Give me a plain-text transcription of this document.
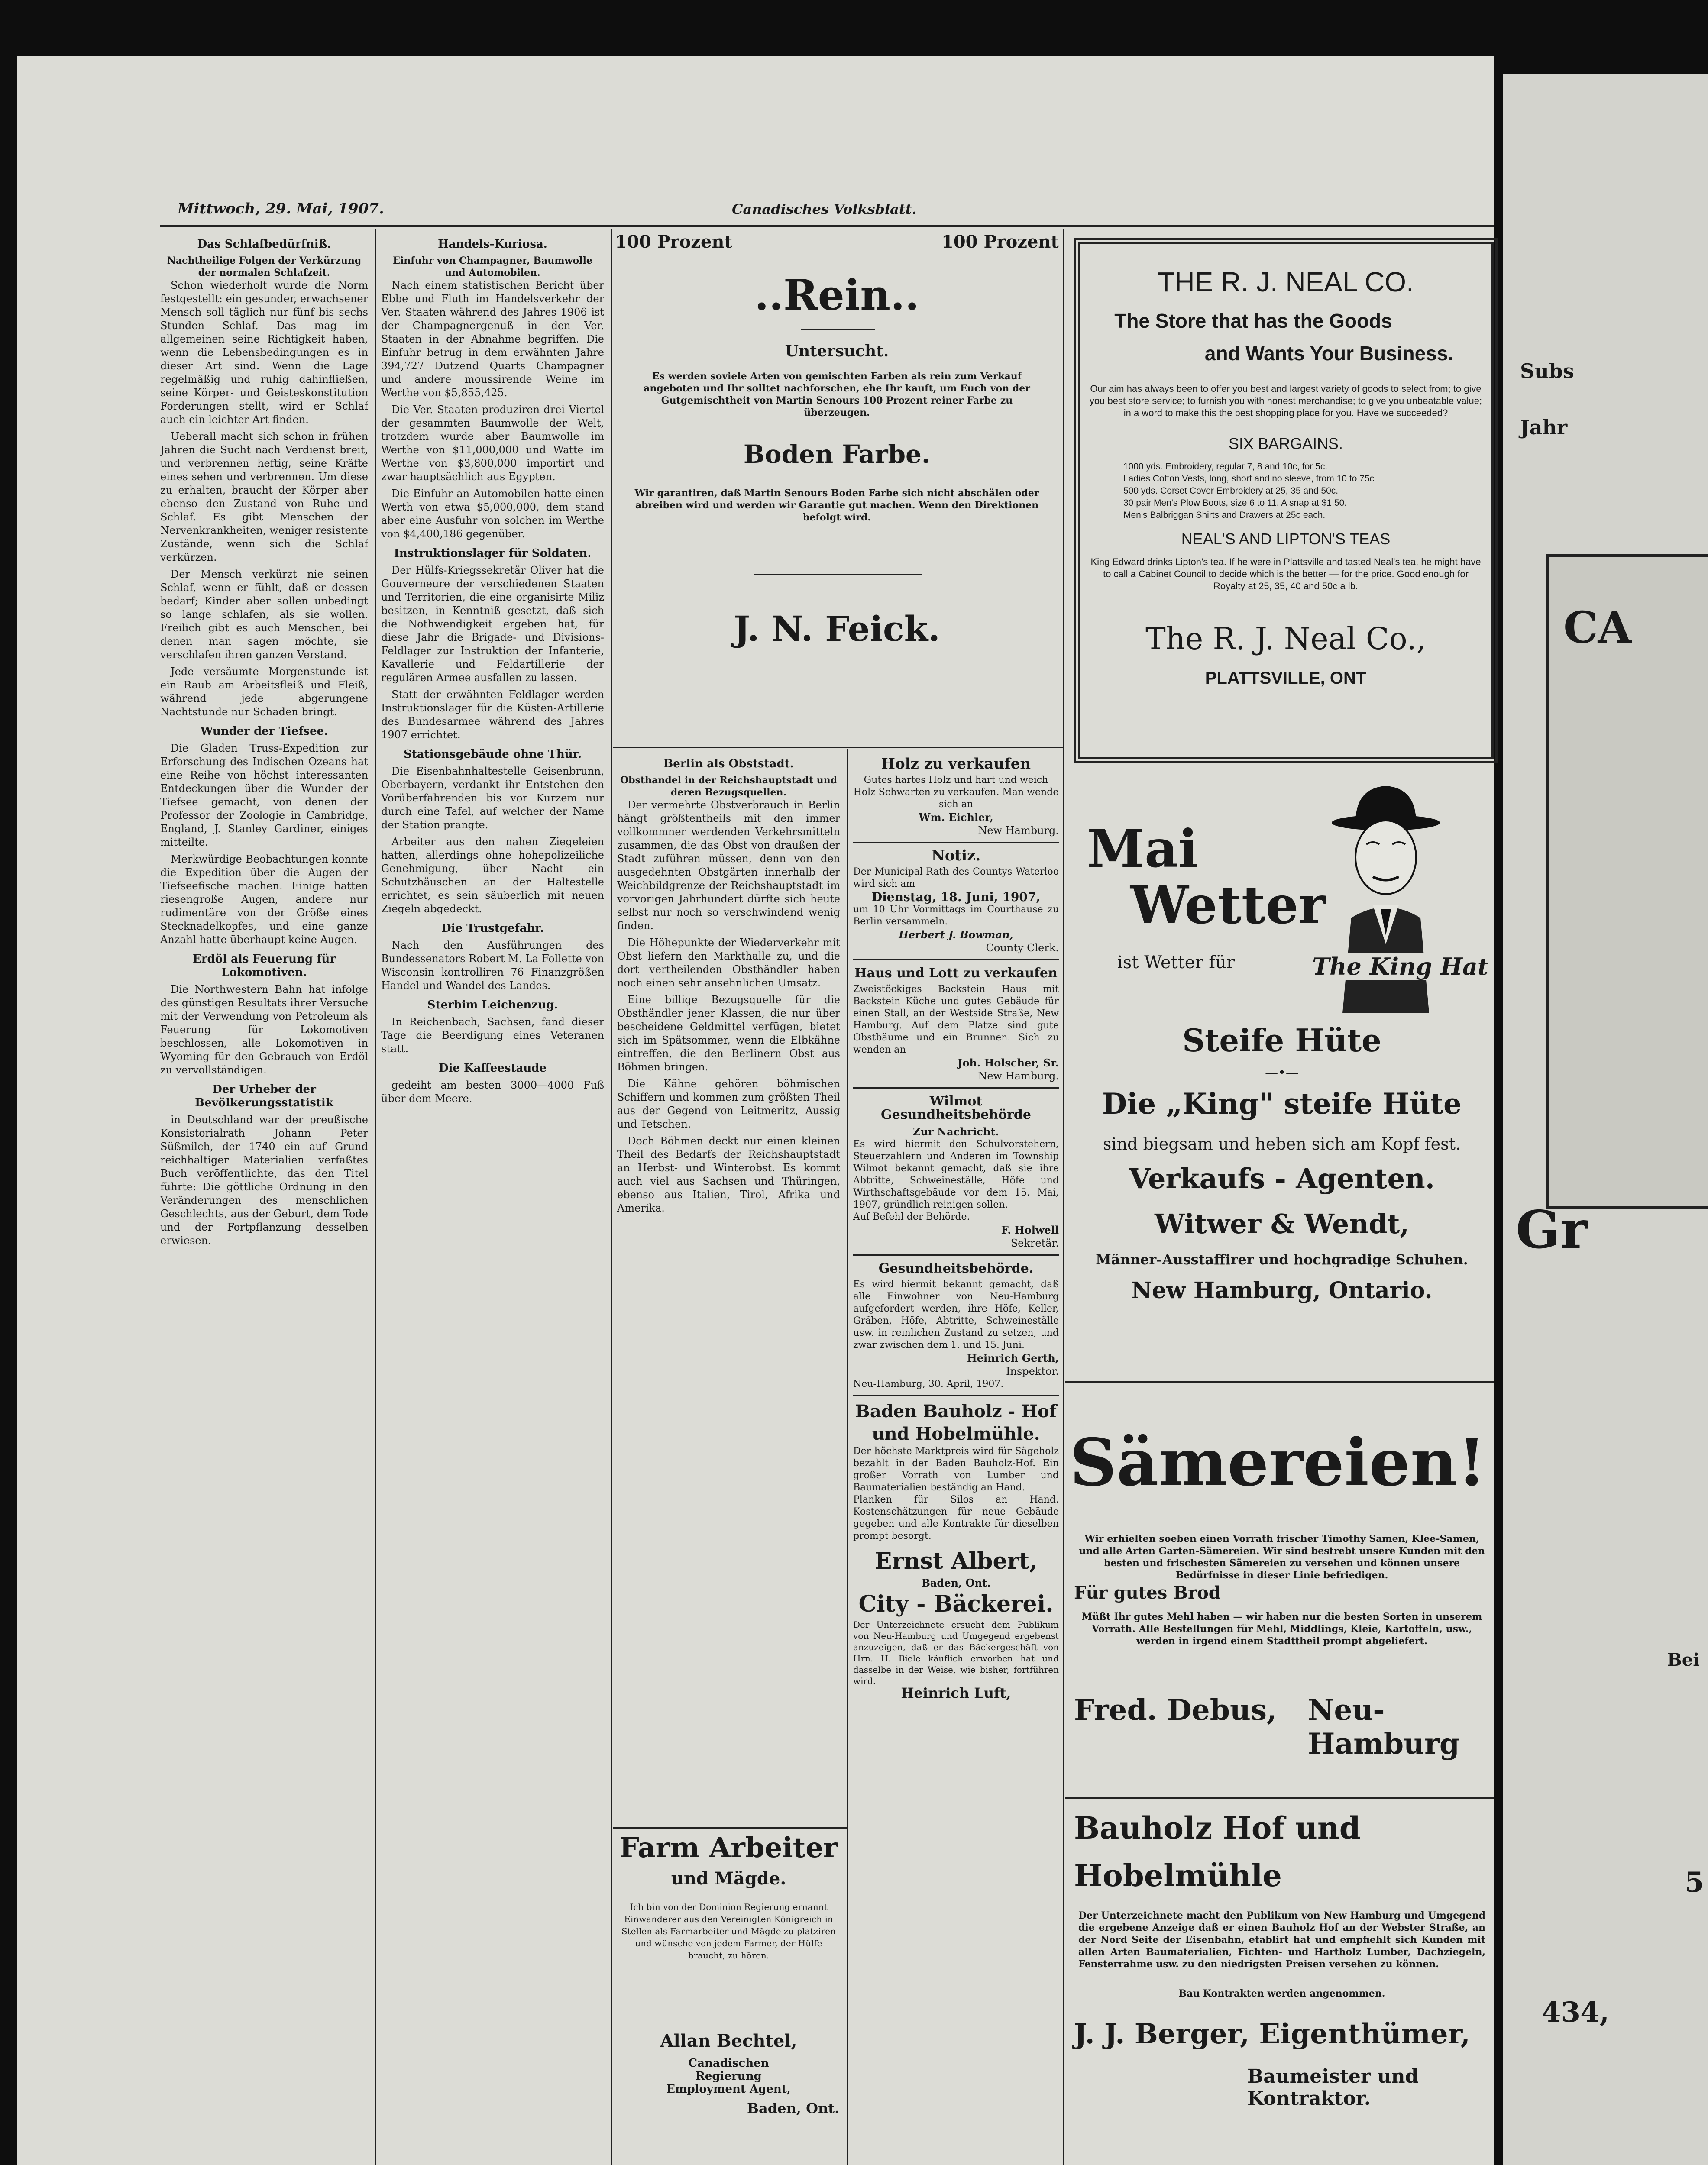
Mittwoch, 29. Mai, 1907.	Canadisches Volksblatt.
Das Schlafbedürfniß.
Nachtheilige Folgen der Verkürzung der normalen Schlafzeit.

Schon wiederholt wurde die Norm festgestellt: ein gesunder, erwachsener Mensch soll täglich nur fünf bis sechs Stunden Schlaf. Das mag im allgemeinen seine Richtigkeit haben, wenn die Lebensbedingungen es in dieser Art sind. Wenn die Lage regelmäßig und ruhig dahinfließen, seine Körper- und Geisteskonstitution Forderungen stellt, wird er Schlaf auch ein leichter Art finden.

Ueberall macht sich schon in frühen Jahren die Sucht nach Verdienst breit, und verbrennen heftig, seine Kräfte eines sehen und verbrennen. Um diese zu erhalten, braucht der Körper aber ebenso den Zustand von Ruhe und Schlaf. Es gibt Menschen der Nervenkrankheiten, weniger resistente Zustände, wenn sich die Schlaf verkürzen.

Der Mensch verkürzt nie seinen Schlaf, wenn er fühlt, daß er dessen bedarf; Kinder aber sollen unbedingt so lange schlafen, als sie wollen. Freilich gibt es auch Menschen, bei denen man sagen möchte, sie verschlafen ihren ganzen Verstand.

Jede versäumte Morgenstunde ist ein Raub am Arbeitsfleiß und Fleiß, während jede abgerungene Nachtstunde nur Schaden bringt.

Wunder der Tiefsee.

Die Gladen Truss-Expedition zur Erforschung des Indischen Ozeans hat eine Reihe von höchst interessanten Entdeckungen über die Wunder der Tiefsee gemacht, von denen der Professor der Zoologie in Cambridge, England, J. Stanley Gardiner, einiges mitteilte.

Merkwürdige Beobachtungen konnte die Expedition über die Augen der Tiefseefische machen. Einige hatten riesengroße Augen, andere nur rudimentäre von der Größe eines Stecknadelkopfes, und eine ganze Anzahl hatte überhaupt keine Augen.

Erdöl als Feuerung für Lokomotiven.

Die Northwestern Bahn hat infolge des günstigen Resultats ihrer Versuche mit der Verwendung von Petroleum als Feuerung für Lokomotiven beschlossen, alle Lokomotiven in Wyoming für den Gebrauch von Erdöl zu vervollständigen.

Der Urheber der Bevölkerungsstatistik

in Deutschland war der preußische Konsistorialrath Johann Peter Süßmilch, der 1740 ein auf Grund reichhaltiger Materialien verfaßtes Buch veröffentlichte, das den Titel führte: Die göttliche Ordnung in den Veränderungen des menschlichen Geschlechts, aus der Geburt, dem Tode und der Fortpflanzung desselben erwiesen.

Handels-Kuriosa.
Einfuhr von Champagner, Baumwolle und Automobilen.

Nach einem statistischen Bericht über Ebbe und Fluth im Handelsverkehr der Ver. Staaten während des Jahres 1906 ist der Champagnergenuß in den Ver. Staaten in der Abnahme begriffen. Die Einfuhr betrug in dem erwähnten Jahre 394,727 Dutzend Quarts Champagner und andere moussirende Weine im Werthe von $5,855,425.

Die Ver. Staaten produziren drei Viertel der gesammten Baumwolle der Welt, trotzdem wurde aber Baumwolle im Werthe von $11,000,000 und Watte im Werthe von $3,800,000 importirt und zwar hauptsächlich aus Egypten.

Die Einfuhr an Automobilen hatte einen Werth von etwa $5,000,000, dem stand aber eine Ausfuhr von solchen im Werthe von $4,400,186 gegenüber.

Instruktionslager für Soldaten.

Der Hülfs-Kriegssekretär Oliver hat die Gouverneure der verschiedenen Staaten und Territorien, die eine organisirte Miliz besitzen, in Kenntniß gesetzt, daß sich die Nothwendigkeit ergeben hat, für diese Jahr die Brigade- und Divisions-Feldlager zur Instruktion der Infanterie, Kavallerie und Feldartillerie der regulären Armee ausfallen zu lassen.

Statt der erwähnten Feldlager werden Instruktionslager für die Küsten-Artillerie des Bundesarmee während des Jahres 1907 errichtet.

Stationsgebäude ohne Thür.

Die Eisenbahnhaltestelle Geisenbrunn, Oberbayern, verdankt ihr Entstehen den Vorüberfahrenden bis vor Kurzem nur durch eine Tafel, auf welcher der Name der Station prangte.

Arbeiter aus den nahen Ziegeleien hatten, allerdings ohne hohepolizeiliche Genehmigung, über Nacht ein Schutzhäuschen an der Haltestelle errichtet, es sein säuberlich mit neuen Ziegeln abgedeckt.

Die Trustgefahr.

Nach den Ausführungen des Bundessenators Robert M. La Follette von Wisconsin kontrolliren 76 Finanzgrößen Handel und Wandel des Landes.

Sterbim Leichenzug.

In Reichenbach, Sachsen, fand dieser Tage die Beerdigung eines Veteranen statt.

Die Kaffeestaude

gedeiht am besten 3000—4000 Fuß über dem Meere.

100 Prozent	100 Prozent
..Rein..
Untersucht.
Es werden soviele Arten von gemischten Farben als rein zum Verkauf angeboten und Ihr solltet nachforschen, ehe Ihr kauft, um Euch von der Gutgemischtheit von Martin Senours 100 Prozent reiner Farbe zu überzeugen.
Boden Farbe.
Wir garantiren, daß Martin Senours Boden Farbe sich nicht abschälen oder abreiben wird und werden wir Garantie gut machen. Wenn den Direktionen befolgt wird.
J. N. Feick.
Berlin als Obststadt.
Obsthandel in der Reichshauptstadt und deren Bezugsquellen.

Der vermehrte Obstverbrauch in Berlin hängt größtentheils mit den immer vollkommner werdenden Verkehrsmitteln zusammen, die das Obst von draußen der Stadt zuführen müssen, denn von den ausgedehnten Obstgärten innerhalb der Weichbildgrenze der Reichshauptstadt im vorvorigen Jahrhundert dürfte sich heute selbst nur noch so verschwindend wenig finden.

Die Höhepunkte der Wiederverkehr mit Obst liefern den Markthalle zu, und die dort vertheilenden Obsthändler haben noch einen sehr ansehnlichen Umsatz.

Eine billige Bezugsquelle für die Obsthändler jener Klassen, die nur über bescheidene Geldmittel verfügen, bietet sich im Spätsommer, wenn die Elbkähne eintreffen, die den Berlinern Obst aus Böhmen bringen.

Die Kähne gehören böhmischen Schiffern und kommen zum größten Theil aus der Gegend von Leitmeritz, Aussig und Tetschen.

Doch Böhmen deckt nur einen kleinen Theil des Bedarfs der Reichshauptstadt an Herbst- und Winterobst. Es kommt auch viel aus Sachsen und Thüringen, ebenso aus Italien, Tirol, Afrika und Amerika.

Farm Arbeiter
und Mägde.
Ich bin von der Dominion Regierung ernannt Einwanderer aus den Vereinigten Königreich in Stellen als Farmarbeiter und Mägde zu platziren und wünsche von jedem Farmer, der Hülfe braucht, zu hören.
Allan Bechtel,
Canadischen Regierung Employment Agent,
Baden, Ont.
Holz zu verkaufen
Gutes hartes Holz und hart und weich Holz Schwarten zu verkaufen. Man wende sich an
Wm. Eichler,
New Hamburg.
Notiz.
Der Municipal-Rath des Countys Waterloo wird sich am
Dienstag, 18. Juni, 1907,
um 10 Uhr Vormittags im Courthause zu Berlin versammeln.
Herbert J. Bowman,
County Clerk.
Haus und Lott zu verkaufen
Zweistöckiges Backstein Haus mit Backstein Küche und gutes Gebäude für einen Stall, an der Westside Straße, New Hamburg. Auf dem Platze sind gute Obstbäume und ein Brunnen. Sich zu wenden an
Joh. Holscher, Sr.
New Hamburg.
Wilmot Gesundheitsbehörde
Zur Nachricht.
Es wird hiermit den Schulvorstehern, Steuerzahlern und Anderen im Township Wilmot bekannt gemacht, daß sie ihre Abtritte, Schweineställe, Höfe und Wirthschaftsgebäude vor dem 15. Mai, 1907, gründlich reinigen sollen.
Auf Befehl der Behörde.
F. Holwell
Sekretär.
Gesundheitsbehörde.
Es wird hiermit bekannt gemacht, daß alle Einwohner von Neu-Hamburg aufgefordert werden, ihre Höfe, Keller, Gräben, Höfe, Abtritte, Schweineställe usw. in reinlichen Zustand zu setzen, und zwar zwischen dem 1. und 15. Juni.
Heinrich Gerth,
Inspektor.
Neu-Hamburg, 30. April, 1907.
Baden Bauholz - Hof
und Hobelmühle.
Der höchste Marktpreis wird für Sägeholz bezahlt in der Baden Bauholz-Hof. Ein großer Vorrath von Lumber und Baumaterialien beständig an Hand.
Planken für Silos an Hand. Kostenschätzungen für neue Gebäude gegeben und alle Kontrakte für dieselben prompt besorgt.
Ernst Albert,
Baden, Ont.
City - Bäckerei.
Der Unterzeichnete ersucht dem Publikum von Neu-Hamburg und Umgegend ergebenst anzuzeigen, daß er das Bäckergeschäft von Hrn. H. Biele käuflich erworben hat und dasselbe in der Weise, wie bisher, fortführen wird.
Heinrich Luft,
THE R. J. NEAL CO.
The Store that has the Goods
and Wants Your Business.
Our aim has always been to offer you best and largest variety of goods to select from; to give you best store service; to furnish you with honest merchandise; to give you unbeatable value; in a word to make this the best shopping place for you. Have we succeeded?
SIX BARGAINS.
1000 yds. Embroidery, regular 7, 8 and 10c, for 5c.
Ladies Cotton Vests, long, short and no sleeve, from 10 to 75c
500 yds. Corset Cover Embroidery at 25, 35 and 50c.
30 pair Men's Plow Boots, size 6 to 11. A snap at $1.50.
Men's Balbriggan Shirts and Drawers at 25c each.
NEAL'S AND LIPTON'S TEAS
King Edward drinks Lipton's tea. If he were in Plattsville and tasted Neal's tea, he might have to call a Cabinet Council to decide which is the better — for the price. Good enough for Royalty at 25, 35, 40 and 50c a lb.
The R. J. Neal Co.,
PLATTSVILLE, ONT
Mai
Wetter
ist Wetter für	The King Hat
Steife Hüte
—•—
Die „King" steife Hüte
sind biegsam und heben sich am Kopf fest.
Verkaufs - Agenten.
Witwer & Wendt,
Männer-Ausstaffirer und hochgradige Schuhen.
New Hamburg, Ontario.
Sämereien!
Wir erhielten soeben einen Vorrath frischer Timothy Samen, Klee-Samen, und alle Arten Garten-Sämereien. Wir sind bestrebt unsere Kunden mit den besten und frischesten Sämereien zu versehen und können unsere Bedürfnisse in dieser Linie befriedigen.
Für gutes Brod
Müßt Ihr gutes Mehl haben — wir haben nur die besten Sorten in unserem Vorrath. Alle Bestellungen für Mehl, Middlings, Kleie, Kartoffeln, usw., werden in irgend einem Stadttheil prompt abgeliefert.
Fred. Debus, Neu-Hamburg
Bauholz Hof und
Hobelmühle
Der Unterzeichnete macht den Publikum von New Hamburg und Umgegend die ergebene Anzeige daß er einen Bauholz Hof an der Webster Straße, an der Nord Seite der Eisenbahn, etablirt hat und empfiehlt sich Kunden mit allen Arten Baumaterialien, Fichten- und Hartholz Lumber, Dachziegeln, Fensterrahme usw. zu den niedrigsten Preisen versehen zu können.
Bau Kontrakten werden angenommen.
J. J. Berger, Eigenthümer,
Baumeister und Kontraktor.
Subs
Jahr
CA
Gr
434,
Bei
5
